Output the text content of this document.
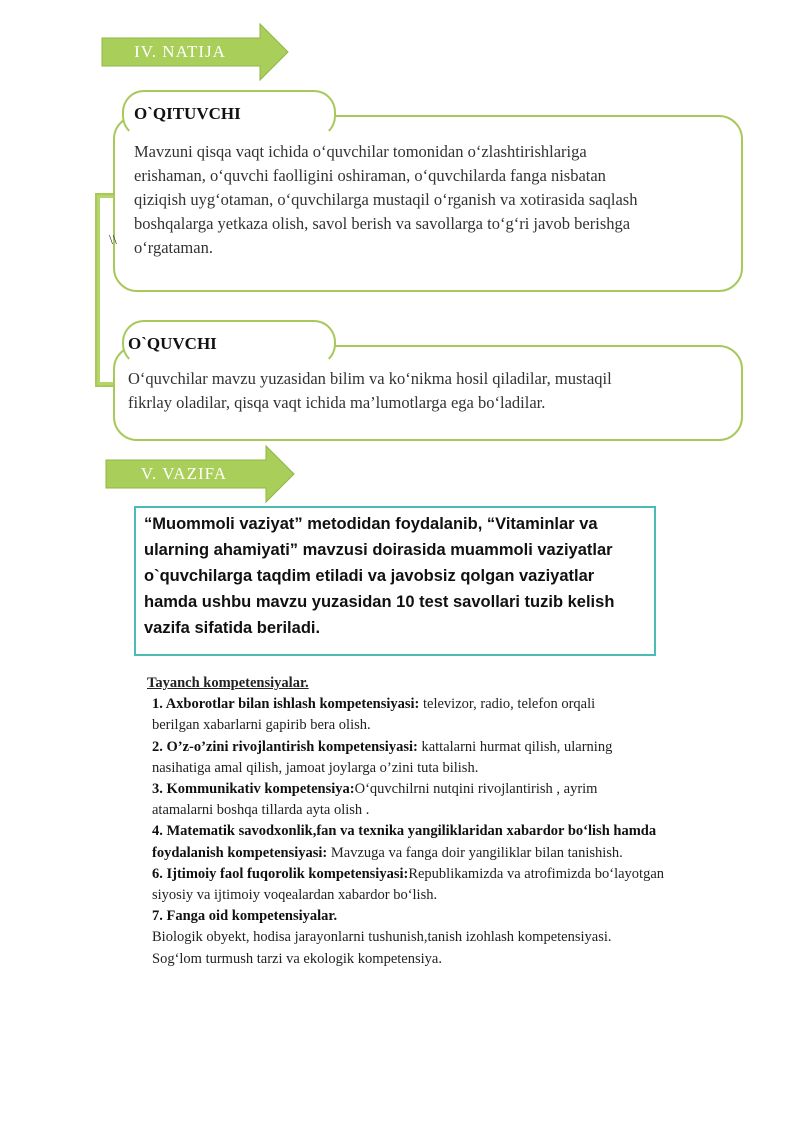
IV. NATIJA
O`QITUVCHI
Mavzuni qisqa vaqt ichida o‘quvchilar tomonidan o‘zlashtirishlariga
erishaman, o‘quvchi faolligini oshiraman, o‘quvchilarda fanga nisbatan
qiziqish uyg‘otaman, o‘quvchilarga mustaqil o‘rganish va xotirasida saqlash
boshqalarga yetkaza olish, savol berish va savollarga to‘g‘ri javob berishga
o‘rgataman.
\\
O`QUVCHI
O‘quvchilar mavzu yuzasidan bilim va ko‘nikma hosil qiladilar, mustaqil
fikrlay oladilar, qisqa vaqt ichida ma’lumotlarga ega bo‘ladilar.
V. VAZIFA
“Muommoli vaziyat” metodidan foydalanib, “Vitaminlar va
ularning ahamiyati” mavzusi doirasida muammoli vaziyatlar
o`quvchilarga taqdim etiladi va javobsiz qolgan vaziyatlar
hamda ushbu mavzu yuzasidan 10 test savollari tuzib kelish
vazifa sifatida beriladi.
Tayanch kompetensiyalar.
1. Axborotlar bilan ishlash kompetensiyasi: televizor, radio, telefon orqali
berilgan xabarlarni gapirib bera olish.
2. O’z-o’zini rivojlantirish kompetensiyasi: kattalarni hurmat qilish, ularning
nasihatiga amal qilish, jamoat joylarga o’zini tuta bilish.
3. Kommunikativ kompetensiya:O‘quvchilrni nutqini rivojlantirish , ayrim
atamalarni boshqa tillarda ayta olish .
4. Matematik savodxonlik,fan va texnika yangiliklaridan xabardor bo‘lish hamda
foydalanish kompetensiyasi: Mavzuga va fanga doir yangiliklar bilan tanishish.
6. Ijtimoiy faol fuqorolik kompetensiyasi:Republikamizda va atrofimizda bo‘layotgan
siyosiy va ijtimoiy voqealardan xabardor bo‘lish.
7. Fanga oid kompetensiyalar.
Biologik obyekt, hodisa jarayonlarni tushunish,tanish izohlash kompetensiyasi.
Sog‘lom turmush tarzi va ekologik kompetensiya.
